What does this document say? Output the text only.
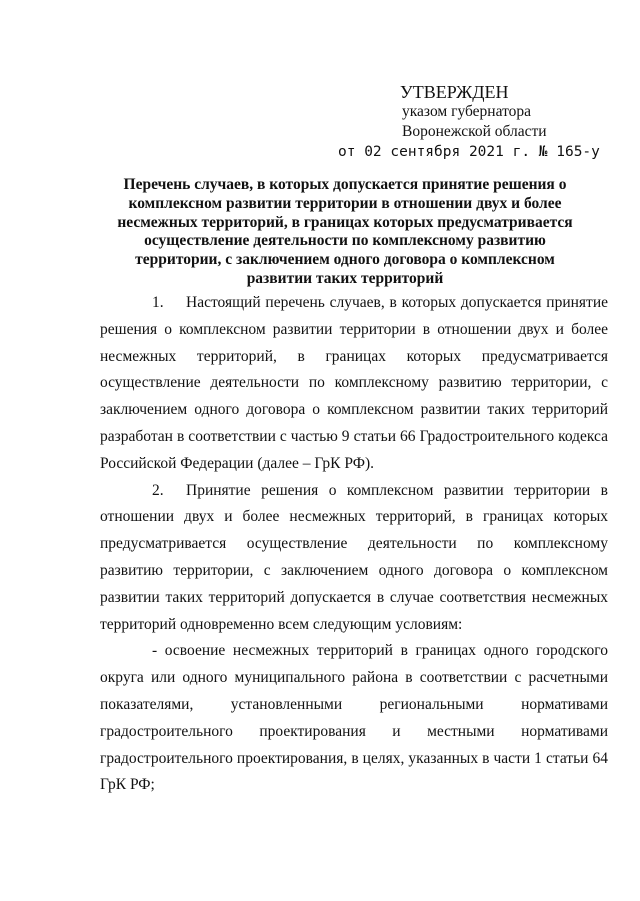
УТВЕРЖДЕН
указом губернатора
Воронежской области
от 02 сентября 2021 г. № 165-у
Перечень случаев, в которых допускается принятие решения о комплексном развитии территории в отношении двух и более несмежных территорий, в границах которых предусматривается осуществление деятельности по комплексному развитию территории, с заключением одного договора о комплексном развитии таких территорий

1. Настоящий перечень случаев, в которых допускается принятие решения о комплексном развитии территории в отношении двух и более несмежных территорий, в границах которых предусматривается осуществление деятельности по комплексному развитию территории, с заключением одного договора о комплексном развитии таких территорий разработан в соответствии с частью 9 статьи 66 Градостроительного кодекса Российской Федерации (далее – ГрК РФ).

2. Принятие решения о комплексном развитии территории в отношении двух и более несмежных территорий, в границах которых предусматривается осуществление деятельности по комплексному развитию территории, с заключением одного договора о комплексном развитии таких территорий допускается в случае соответствия несмежных территорий одновременно всем следующим условиям:

- освоение несмежных территорий в границах одного городского округа или одного муниципального района в соответствии с расчетными показателями, установленными региональными нормативами градостроительного проектирования и местными нормативами градостроительного проектирования, в целях, указанных в части 1 статьи 64 ГрК РФ;
